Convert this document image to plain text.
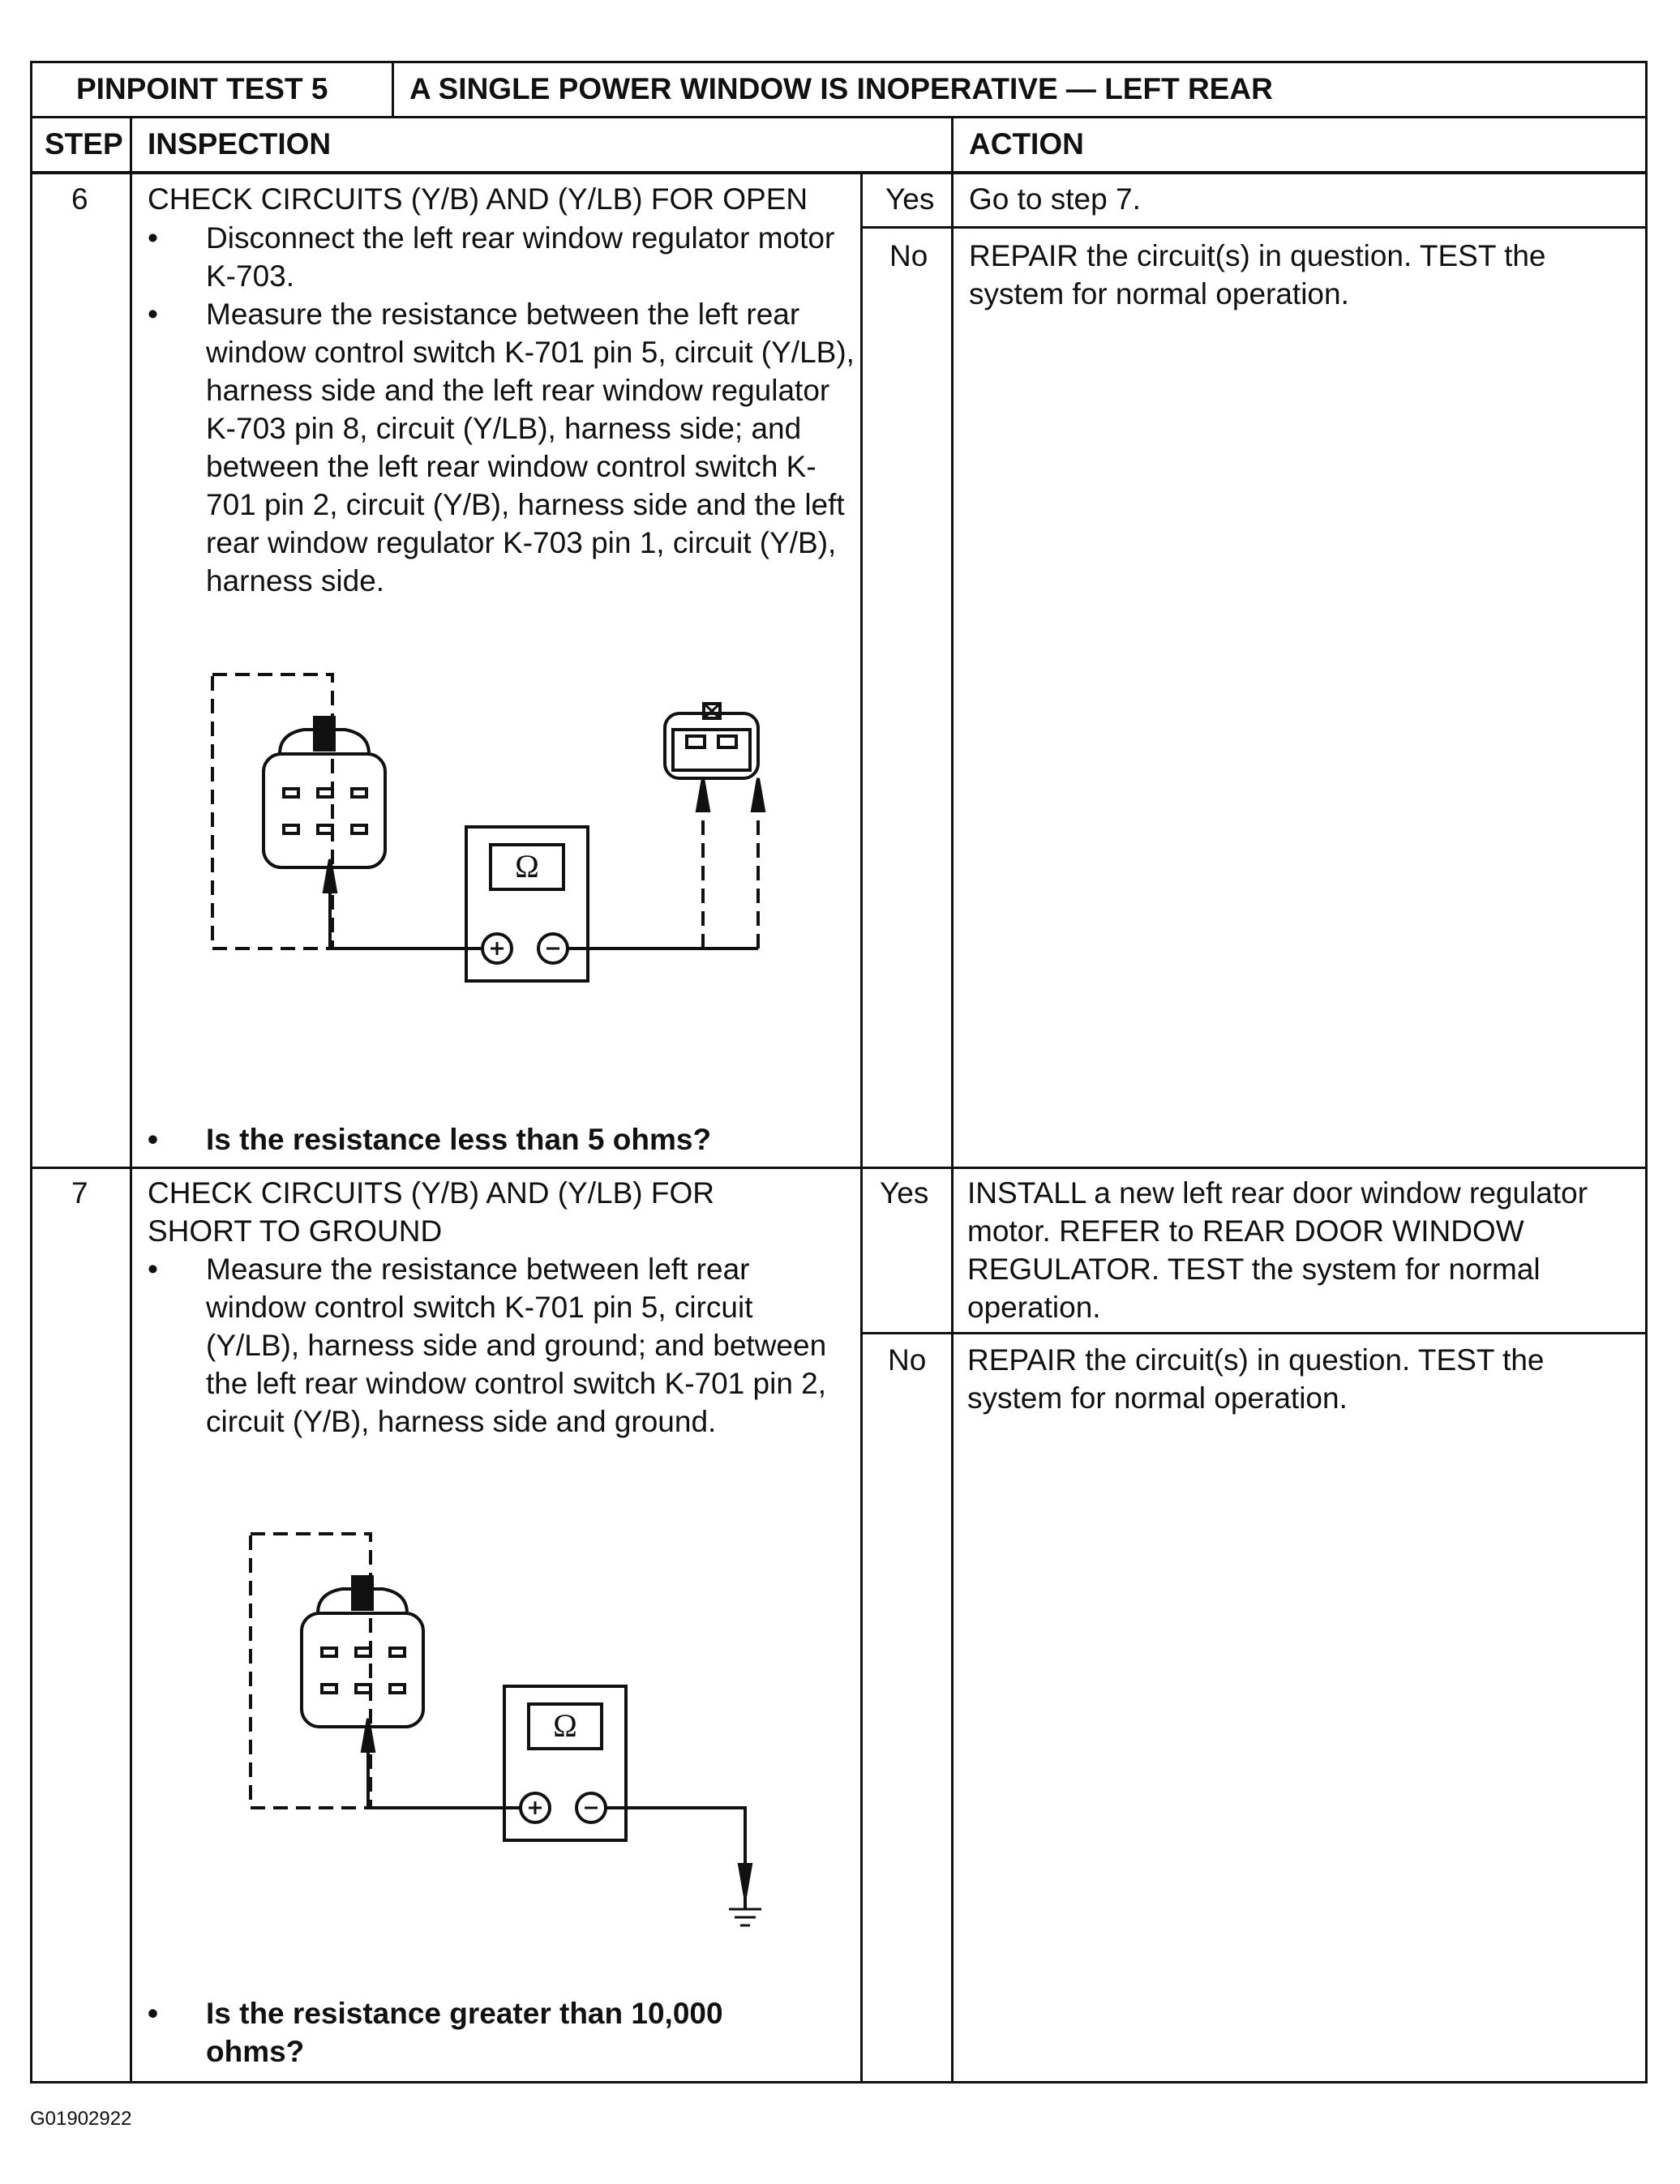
PINPOINT TEST 5	A SINGLE POWER WINDOW IS INOPERATIVE — LEFT REAR
STEP INSPECTION	ACTION
6 CHECK CIRCUITS (Y/B) AND (Y/LB) FOR OPEN
• Disconnect the left rear window regulator motor K-703.
• Measure the resistance between the left rear window control switch K-701 pin 5, circuit (Y/LB), harness side and the left rear window regulator K-703 pin 8, circuit (Y/LB), harness side; and between the left rear window control switch K-701 pin 2, circuit (Y/B), harness side and the left rear window regulator K-703 pin 1, circuit (Y/B), harness side.
Ω
• Is the resistance less than 5 ohms?
Yes Go to step 7.
No REPAIR the circuit(s) in question. TEST the system for normal operation.
7 CHECK CIRCUITS (Y/B) AND (Y/LB) FOR SHORT TO GROUND
• Measure the resistance between left rear window control switch K-701 pin 5, circuit (Y/LB), harness side and ground; and between the left rear window control switch K-701 pin 2, circuit (Y/B), harness side and ground.
Ω
• Is the resistance greater than 10,000 ohms?
Yes INSTALL a new left rear door window regulator motor. REFER to REAR DOOR WINDOW REGULATOR. TEST the system for normal operation.
No REPAIR the circuit(s) in question. TEST the system for normal operation.
G01902922
